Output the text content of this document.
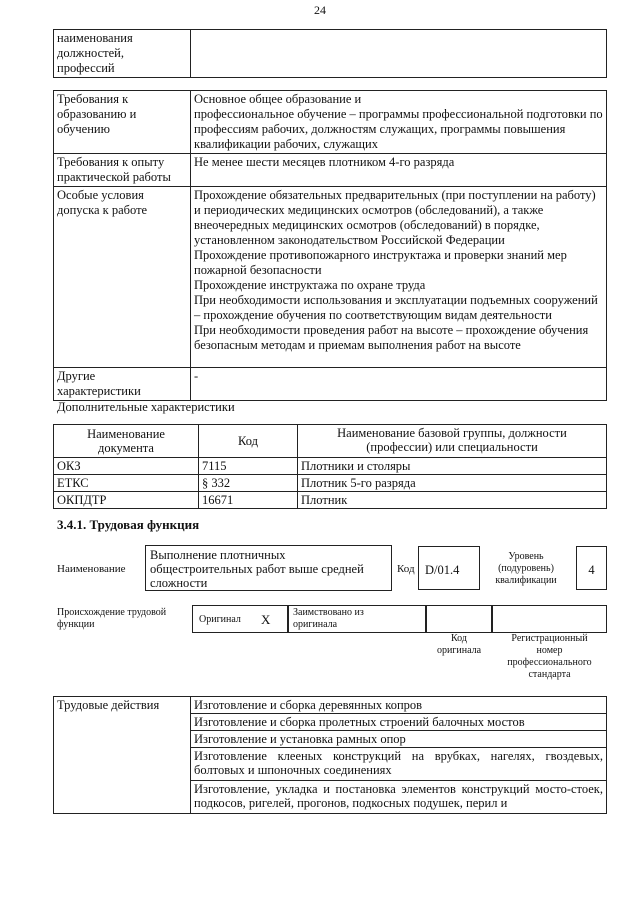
24
наименования
должностей,
профессий	
Требования к
образованию и
обучению	Основное общее образование и
профессиональное обучение – программы профессиональной подготовки по профессиям рабочих, должностям служащих, программы повышения квалификации рабочих, служащих
Требования к опыту
практической работы	Не менее шести месяцев плотником 4-го разряда
Особые условия
допуска к работе	Прохождение обязательных предварительных (при поступлении на работу) и периодических медицинских осмотров (обследований), а также внеочередных медицинских осмотров (обследований) в порядке, установленном законодательством Российской Федерации
Прохождение противопожарного инструктажа и проверки знаний мер пожарной безопасности
Прохождение инструктажа по охране труда
При необходимости использования и эксплуатации подъемных сооружений – прохождение обучения по соответствующим видам деятельности
При необходимости проведения работ на высоте – прохождение обучения безопасным методам и приемам выполнения работ на высоте
Другие
характеристики	-
Дополнительные характеристики
Наименование
документа	Код	Наименование базовой группы, должности
(профессии) или специальности
ОКЗ	7115	Плотники и столяры
ЕТКС	§ 332	Плотник 5-го разряда
ОКПДТР	16671	Плотник
3.4.1. Трудовая функция
Наименование
Выполнение плотничных
общестроительных работ выше средней
сложности
Код D/01.4
Уровень
(подуровень)
квалификации
4
Происхождение трудовой
функции	Оригинал X	Заимствовано из
оригинала
Код
оригинала
Регистрационный
номер
профессионального
стандарта
Трудовые действия	Изготовление и сборка деревянных копров
Изготовление и сборка пролетных строений балочных мостов
Изготовление и установка рамных опор
Изготовление клееных конструкций на врубках, нагелях, гвоздевых, болтовых и шпоночных соединениях
Изготовление, укладка и постановка элементов конструкций мосто-стоек, подкосов, ригелей, прогонов, подкосных подушек, перил и
